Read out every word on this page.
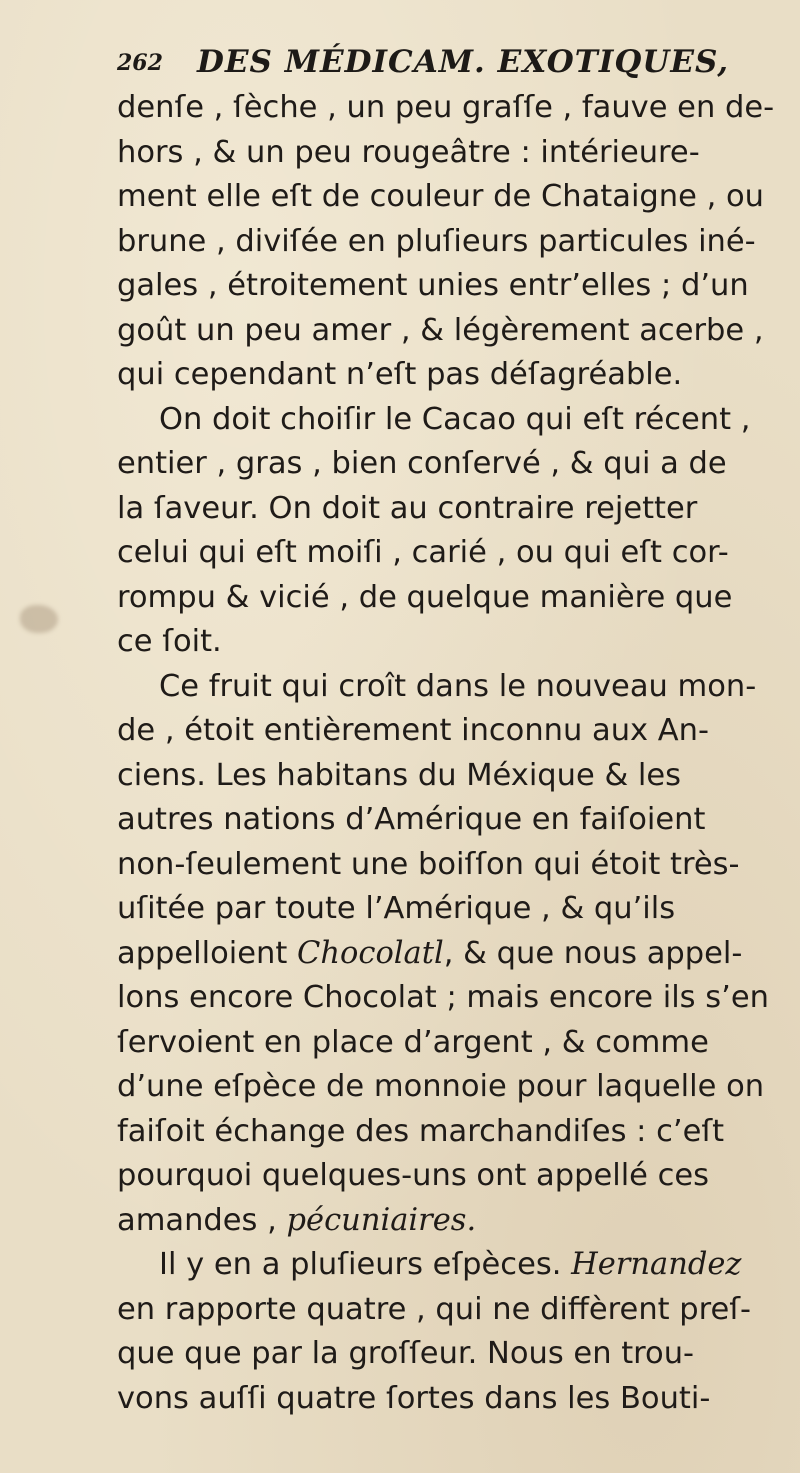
262 DES MÉDICAM. EXOTIQUES,
denſe , ſèche , un peu graſſe , fauve en de-
hors , & un peu rougeâtre : intérieure-
ment elle eſt de couleur de Chataigne , ou
brune , diviſée en pluſieurs particules iné-
gales , étroitement unies entr’elles ; d’un
goût un peu amer , & légèrement acerbe ,
qui cependant n’eſt pas déſagréable.
On doit choiſir le Cacao qui eſt récent ,
entier , gras , bien conſervé , & qui a de
la ſaveur. On doit au contraire rejetter
celui qui eſt moiſi , carié , ou qui eſt cor-
rompu & vicié , de quelque manière que
ce ſoit.
Ce fruit qui croît dans le nouveau mon-
de , étoit entièrement inconnu aux An-
ciens. Les habitans du Méxique & les
autres nations d’Amérique en faiſoient
non-ſeulement une boiſſon qui étoit très-
uſitée par toute l’Amérique , & qu’ils
appelloient Chocolatl, & que nous appel-
lons encore Chocolat ; mais encore ils s’en
ſervoient en place d’argent , & comme
d’une eſpèce de monnoie pour laquelle on
faiſoit échange des marchandiſes : c’eſt
pourquoi quelques-uns ont appellé ces
amandes , pécuniaires.
Il y en a pluſieurs eſpèces. Hernandez
en rapporte quatre , qui ne diffèrent preſ-
que que par la groſſeur. Nous en trou-
vons auſſi quatre ſortes dans les Bouti-
